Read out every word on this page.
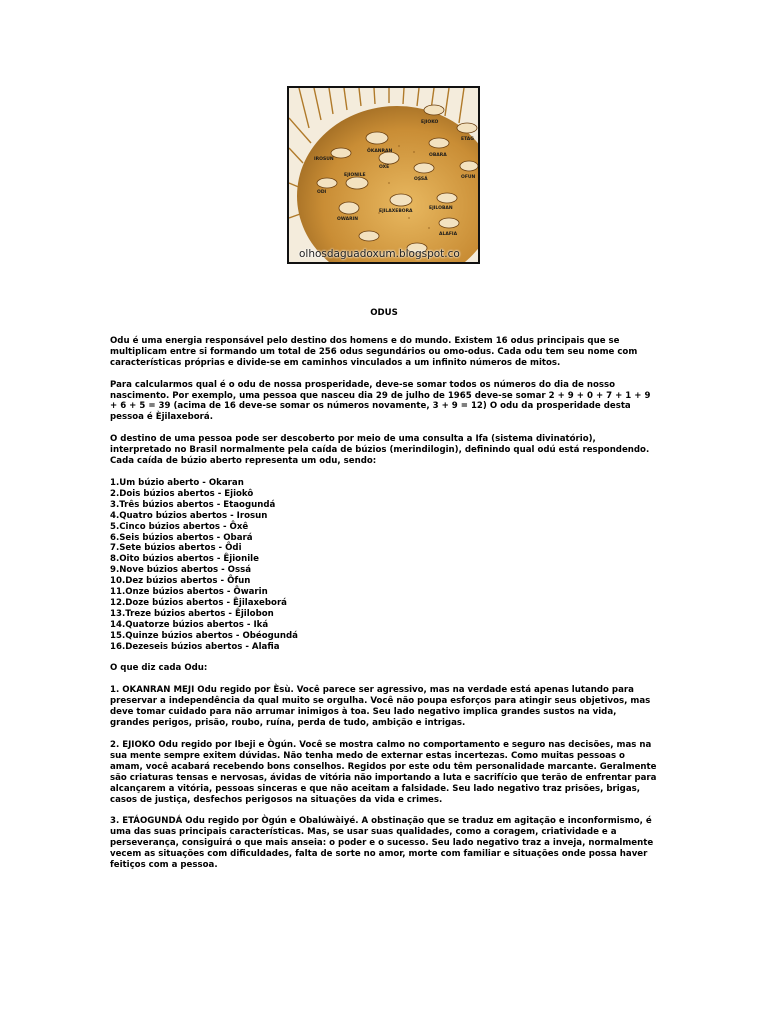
OKANRAN
EJIOKO
ETAG
IROSUN
OXE
OBARA
ODI
EJIONILE
OSSÁ
OWARIN
EJILAXEBORA
EJILOBAN
ALAFIA
OFUN
olhosdaguadoxum.blogspot.co

ODUS

Odu é uma energia responsável pelo destino dos homens e do mundo. Existem 16 odus principais que se multiplicam entre si formando um total de 256 odus segundários ou omo-odus. Cada odu tem seu nome com características próprias e divide-se em caminhos vinculados a um infinito números de mitos.

Para calcularmos qual é o odu de nossa prosperidade, deve-se somar todos os números do dia de nosso nascimento. Por exemplo, uma pessoa que nasceu dia 29 de julho de 1965 deve-se somar 2 + 9 + 0 + 7 + 1 + 9 + 6 + 5 = 39 (acima de 16 deve-se somar os números novamente, 3 + 9 = 12) O odu da prosperidade desta pessoa é Èjilaxeborá.

O destino de uma pessoa pode ser descoberto por meio de uma consulta a Ifa (sistema divinatório), interpretado no Brasil normalmente pela caída de búzios (merindilogin), definindo qual odú está respondendo. Cada caída de búzio aberto representa um odu, sendo:

1.Um búzio aberto - Okaran
2.Dois búzios abertos - Ejiokô
3.Três búzios abertos - Etaogundá
4.Quatro búzios abertos - Irosun
5.Cinco búzios abertos - Ôxê
6.Seis búzios abertos - Obará
7.Sete búzios abertos - Ôdi
8.Oito búzios abertos - Êjionile
9.Nove búzios abertos - Ossá
10.Dez búzios abertos - Ôfun
11.Onze búzios abertos - Ôwarin
12.Doze búzios abertos - Êjilaxeborá
13.Treze búzios abertos - Êjilobon
14.Quatorze búzios abertos - Iká
15.Quinze búzios abertos - Obéogundá
16.Dezeseis búzios abertos - Alafia

O que diz cada Odu:

1. OKANRAN MEJI Odu regido por Èsù. Você parece ser agressivo, mas na verdade está apenas lutando para preservar a independência da qual muito se orgulha. Você não poupa esforços para atingir seus objetivos, mas deve tomar cuidado para não arrumar inimigos à toa. Seu lado negativo implica grandes sustos na vida, grandes perigos, prisão, roubo, ruína, perda de tudo, ambição e intrigas.

2. EJIOKO Odu regido por Ibeji e Ògún. Você se mostra calmo no comportamento e seguro nas decisões, mas na sua mente sempre exitem dúvidas. Não tenha medo de externar estas incertezas. Como muitas pessoas o amam, você acabará recebendo bons conselhos. Regidos por este odu têm personalidade marcante. Geralmente são criaturas tensas e nervosas, ávidas de vitória não importando a luta e sacrifício que terão de enfrentar para alcançarem a vitória, pessoas sinceras e que não aceitam a falsidade. Seu lado negativo traz prisões, brigas, casos de justiça, desfechos perigosos na situações da vida e crimes.

3. ETÁOGUNDÁ Odu regido por Ògún e Obalúwàiyé. A obstinação que se traduz em agitação e inconformismo, é uma das suas principais características. Mas, se usar suas qualidades, como a coragem, criatividade e a perseverança, consiguirá o que mais anseia: o poder e o sucesso. Seu lado negativo traz a inveja, normalmente vecem as situações com dificuldades, falta de sorte no amor, morte com familiar e situações onde possa haver feitiços com a pessoa.
